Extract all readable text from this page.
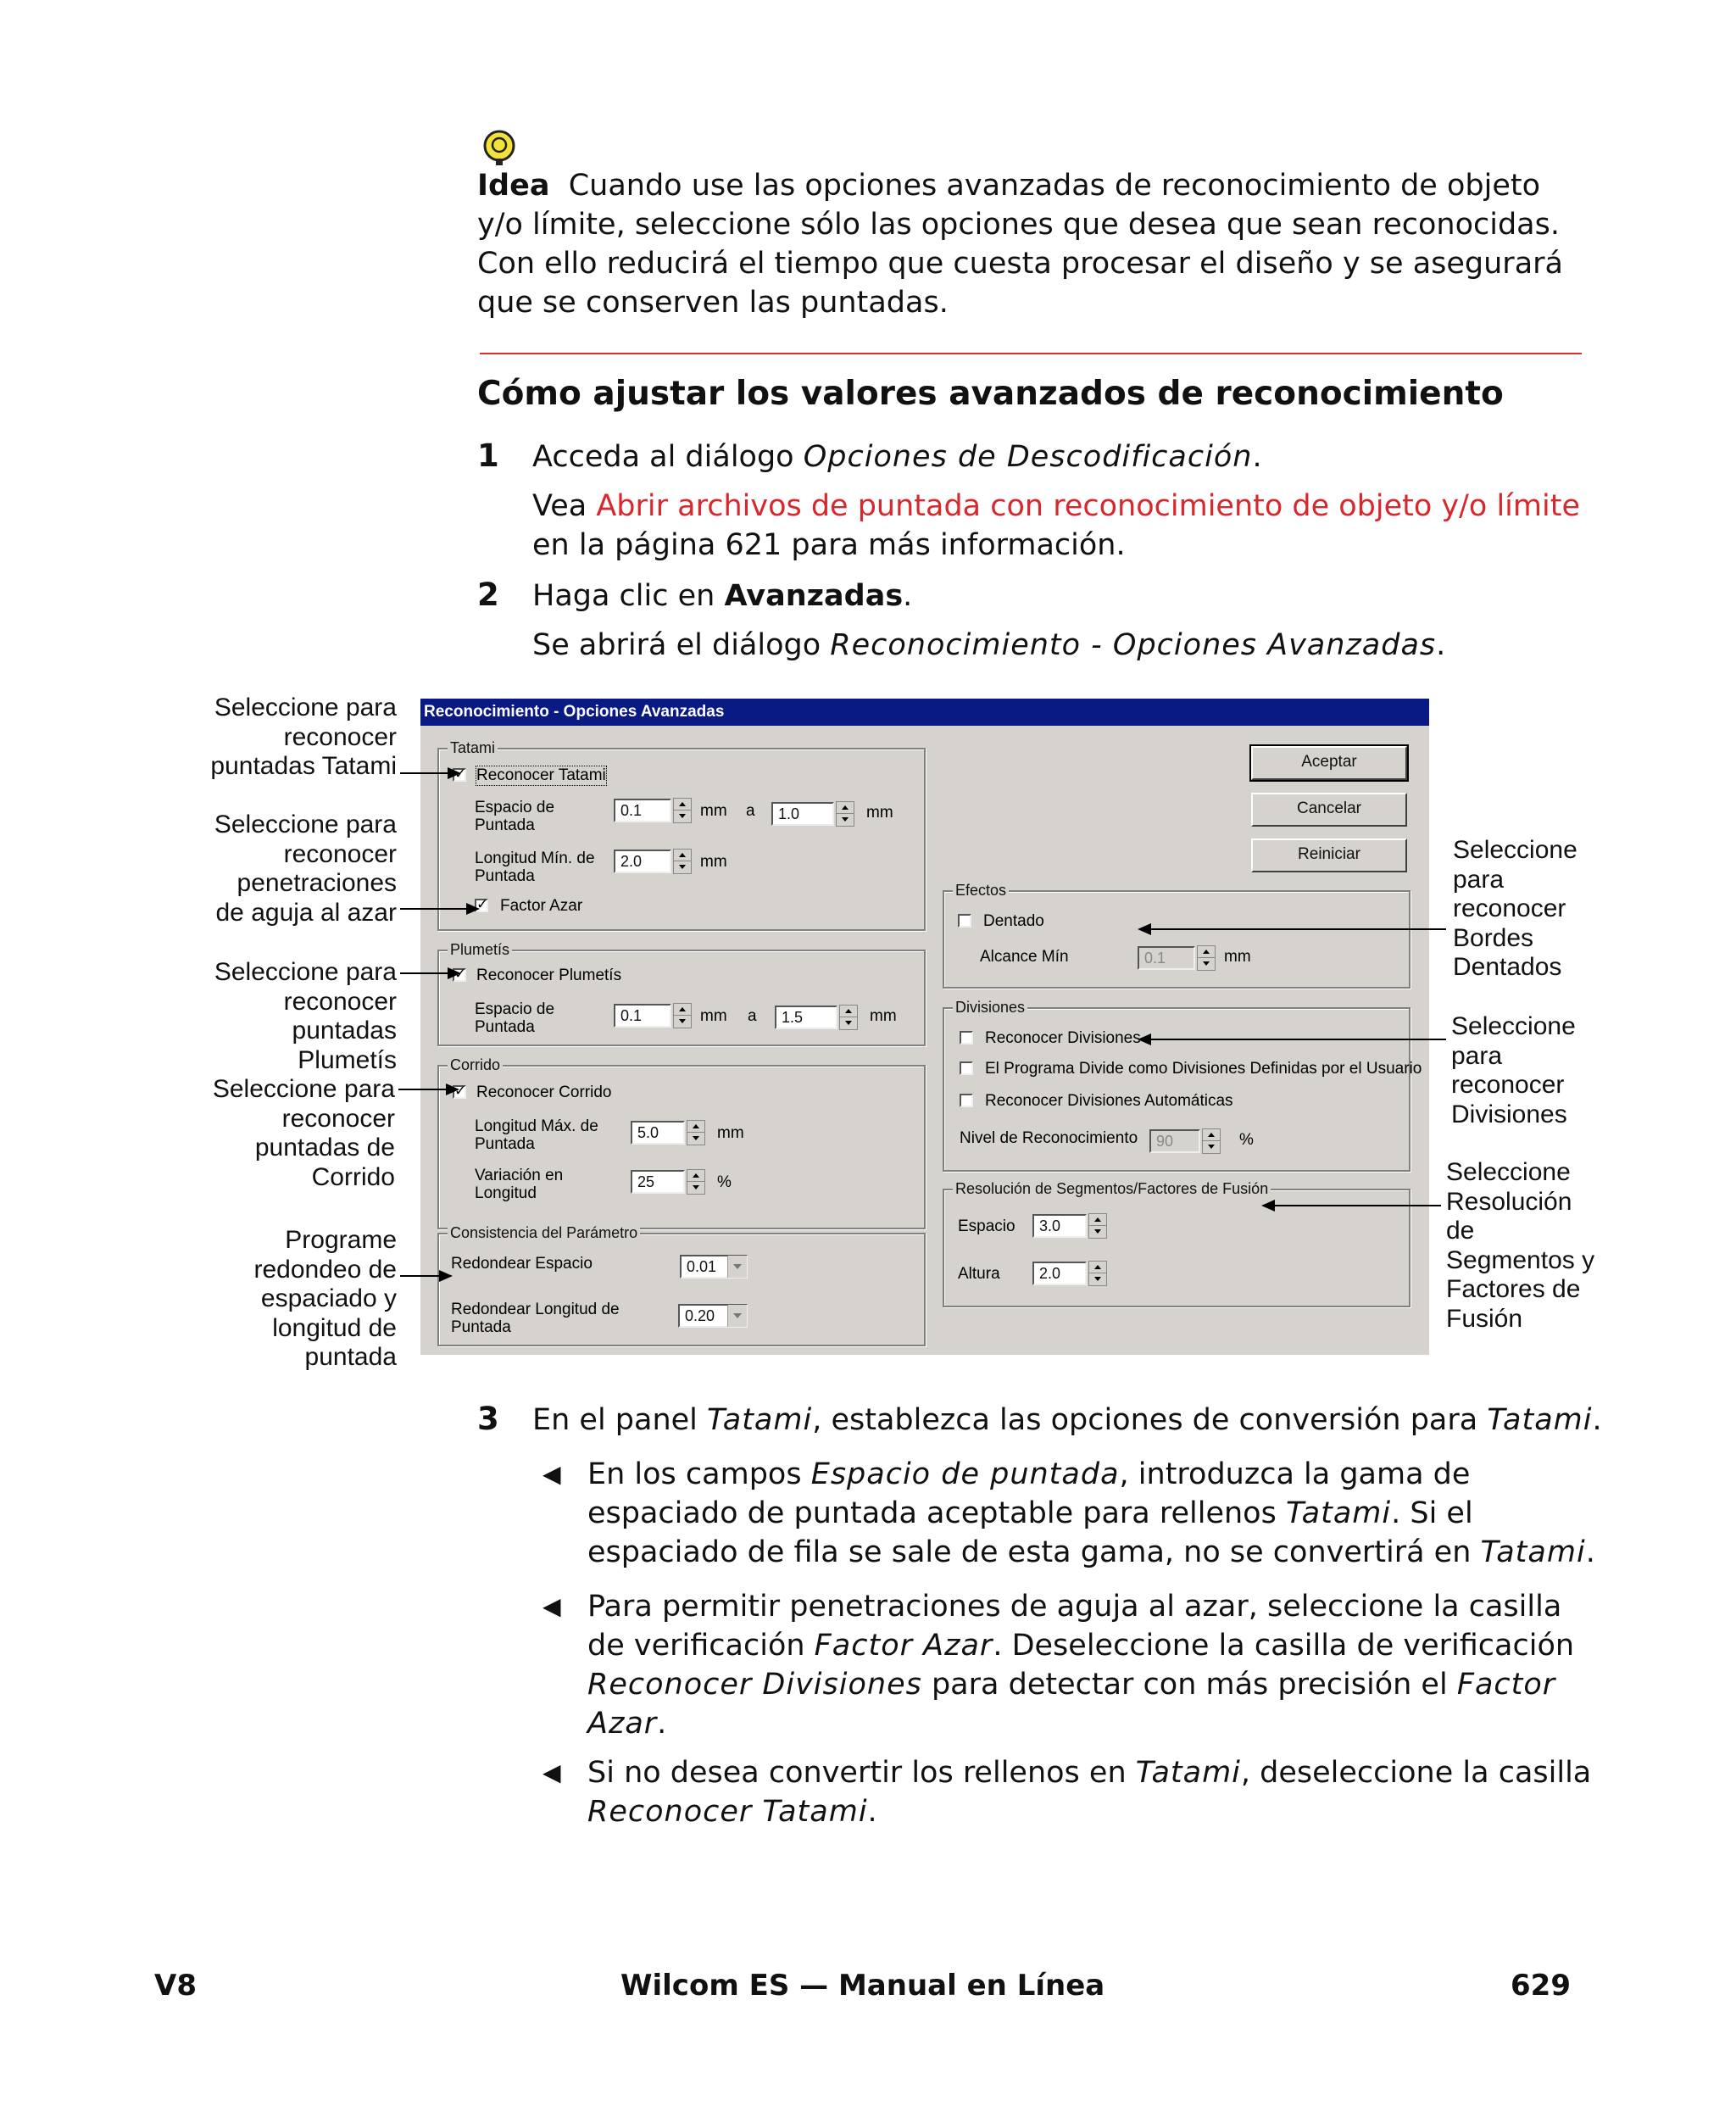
Idea Cuando use las opciones avanzadas de reconocimiento de objeto y/o límite, seleccione sólo las opciones que desea que sean reconocidas. Con ello reducirá el tiempo que cuesta procesar el diseño y se asegurará que se conserven las puntadas.

Cómo ajustar los valores avanzados de reconocimiento
1 Acceda al diálogo Opciones de Descodificación.

Vea Abrir archivos de puntada con reconocimiento de objeto y/o límite en la página 621 para más información.

2 Haga clic en Avanzadas.

Se abrirá el diálogo Reconocimiento - Opciones Avanzadas.

Seleccione para reconocer puntadas Tatami

Seleccione para reconocer penetraciones de aguja al azar

Seleccione para reconocer puntadas Plumetís

Seleccione para reconocer puntadas de Corrido

Programe redondeo de espaciado y longitud de puntada

Seleccione para reconocer Bordes Dentados

Seleccione para reconocer Divisiones

Seleccione Resolución de Segmentos y Factores de Fusión

Reconocimiento - Opciones Avanzadas
Tatami
✓
Reconocer Tatami
Espacio de Puntada
0.1	mm a	1.0	mm
Longitud Mín. de Puntada
2.0	mm
✓
Factor Azar
Plumetís
✓
Reconocer Plumetís
Espacio de Puntada
0.1	mm a	1.5	mm
Corrido
✓
Reconocer Corrido
Longitud Máx. de Puntada
5.0	mm
Variación en Longitud
25	%
Consistencia del Parámetro
Redondear Espacio	0.01
Redondear Longitud de Puntada
0.20
Aceptar
Cancelar
Reiniciar
Efectos
Dentado
Alcance Mín	0.1	mm
Divisiones
Reconocer Divisiones
El Programa Divide como Divisiones Definidas por el Usuario
Reconocer Divisiones Automáticas
Nivel de Reconocimiento	90	%
Resolución de Segmentos/Factores de Fusión
Espacio	3.0
Altura	2.0
3 En el panel Tatami, establezca las opciones de conversión para Tatami.

◀ En los campos Espacio de puntada, introduzca la gama de espaciado de puntada aceptable para rellenos Tatami. Si el espaciado de fila se sale de esta gama, no se convertirá en Tatami.

◀ Para permitir penetraciones de aguja al azar, seleccione la casilla de verificación Factor Azar. Deseleccione la casilla de verificación Reconocer Divisiones para detectar con más precisión el Factor Azar.

◀ Si no desea convertir los rellenos en Tatami, deseleccione la casilla Reconocer Tatami.

V8	Wilcom ES — Manual en Línea	629
